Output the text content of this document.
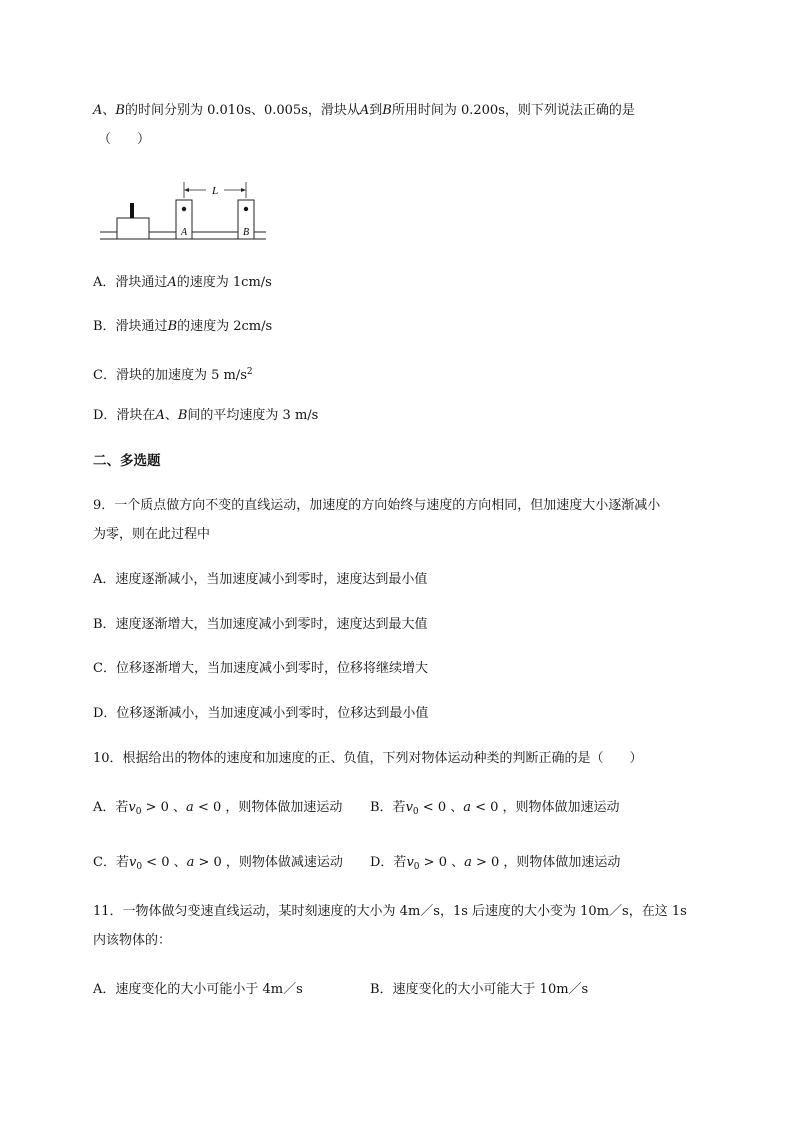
A、B的时间分别为 0.010s、0.005s，滑块从A到B所用时间为 0.200s，则下列说法正确的是
（　　）
L
A	B
A．滑块通过A的速度为 1cm/s
B．滑块通过B的速度为 2cm/s
C．滑块的加速度为 5 $m/s^2$
D．滑块在A、B间的平均速度为 3 m/s
二、多选题
9．一个质点做方向不变的直线运动，加速度的方向始终与速度的方向相同，但加速度大小逐渐减小
为零，则在此过程中
A．速度逐渐减小，当加速度减小到零时，速度达到最小值
B．速度逐渐增大，当加速度减小到零时，速度达到最大值
C．位移逐渐增大，当加速度减小到零时，位移将继续增大
D．位移逐渐减小，当加速度减小到零时，位移达到最小值
10．根据给出的物体的速度和加速度的正、负值，下列对物体运动种类的判断正确的是（　　）
A．若$v_0 > 0$ 、a < 0 ，则物体做加速运动 B．若$v_0 < 0$ 、a < 0 ，则物体做加速运动
C．若$v_0 < 0$ 、a > 0 ，则物体做减速运动 D．若$v_0 > 0$ 、a > 0 ，则物体做加速运动
11．一物体做匀变速直线运动，某时刻速度的大小为 4m／s，1s 后速度的大小变为 10m／s，在这 1s
内该物体的：
A．速度变化的大小可能小于 4m／s	B．速度变化的大小可能大于 10m／s
